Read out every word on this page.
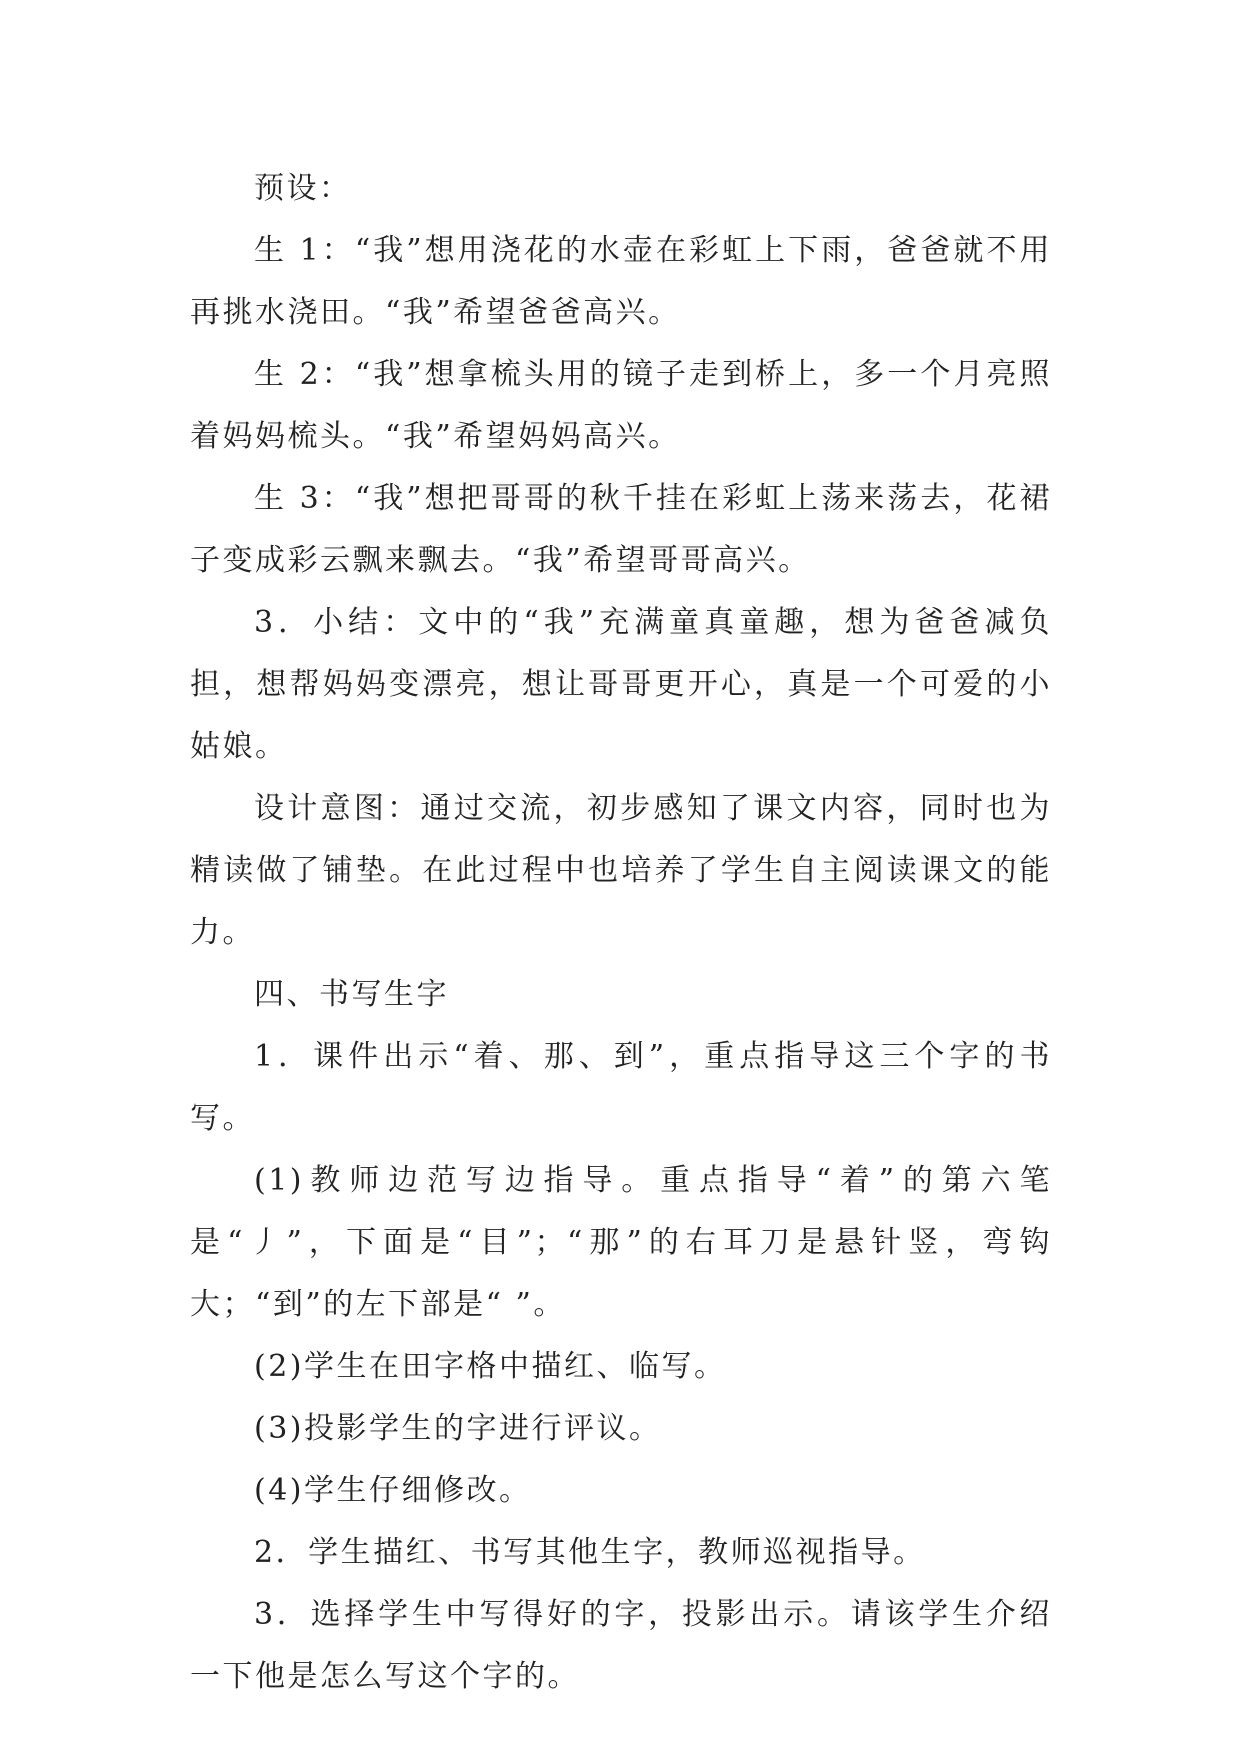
预设：

生 1：“我”想用浇花的水壶在彩虹上下雨，爸爸就不用再挑水浇田。“我”希望爸爸高兴。

生 2：“我”想拿梳头用的镜子走到桥上，多一个月亮照着妈妈梳头。“我”希望妈妈高兴。

生 3：“我”想把哥哥的秋千挂在彩虹上荡来荡去，花裙子变成彩云飘来飘去。“我”希望哥哥高兴。

3．小结：文中的“我”充满童真童趣，想为爸爸减负担，想帮妈妈变漂亮，想让哥哥更开心，真是一个可爱的小姑娘。

设计意图：通过交流，初步感知了课文内容，同时也为精读做了铺垫。在此过程中也培养了学生自主阅读课文的能力。

四、书写生字

1．课件出示“着、那、到”，重点指导这三个字的书写。

(1)教师边范写边指导。重点指导“着”的第六笔是“丿”，下面是“目”；“那”的右耳刀是悬针竖，弯钩大；“到”的左下部是“ ”。

(2)学生在田字格中描红、临写。

(3)投影学生的字进行评议。

(4)学生仔细修改。

2．学生描红、书写其他生字，教师巡视指导。

3．选择学生中写得好的字，投影出示。请该学生介绍一下他是怎么写这个字的。
